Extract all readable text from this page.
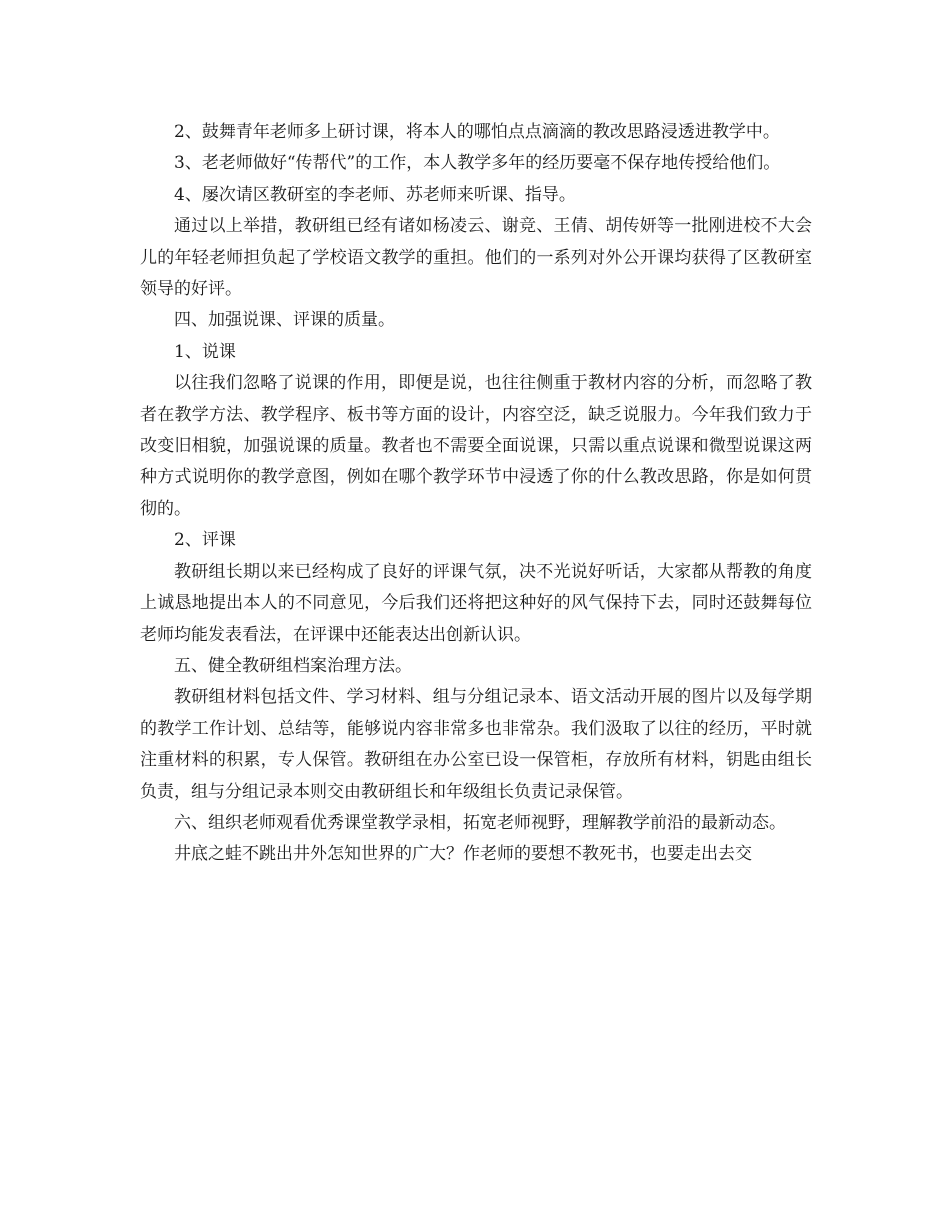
2、鼓舞青年老师多上研讨课，将本人的哪怕点点滴滴的教改思路浸透进教学中。

3、老老师做好“传帮代”的工作，本人教学多年的经历要毫不保存地传授给他们。

4、屡次请区教研室的李老师、苏老师来听课、指导。

通过以上举措，教研组已经有诸如杨凌云、谢竞、王倩、胡传妍等一批刚进校不大会儿的年轻老师担负起了学校语文教学的重担。他们的一系列对外公开课均获得了区教研室领导的好评。

四、加强说课、评课的质量。

1、说课

以往我们忽略了说课的作用，即便是说，也往往侧重于教材内容的分析，而忽略了教者在教学方法、教学程序、板书等方面的设计，内容空泛，缺乏说服力。今年我们致力于改变旧相貌，加强说课的质量。教者也不需要全面说课，只需以重点说课和微型说课这两种方式说明你的教学意图，例如在哪个教学环节中浸透了你的什么教改思路，你是如何贯彻的。

2、评课

教研组长期以来已经构成了良好的评课气氛，决不光说好听话，大家都从帮教的角度上诚恳地提出本人的不同意见，今后我们还将把这种好的风气保持下去，同时还鼓舞每位老师均能发表看法，在评课中还能表达出创新认识。

五、健全教研组档案治理方法。

教研组材料包括文件、学习材料、组与分组记录本、语文活动开展的图片以及每学期的教学工作计划、总结等，能够说内容非常多也非常杂。我们汲取了以往的经历，平时就注重材料的积累，专人保管。教研组在办公室已设一保管柜，存放所有材料，钥匙由组长负责，组与分组记录本则交由教研组长和年级组长负责记录保管。

六、组织老师观看优秀课堂教学录相，拓宽老师视野，理解教学前沿的最新动态。

井底之蛙不跳出井外怎知世界的广大？作老师的要想不教死书，也要走出去交
